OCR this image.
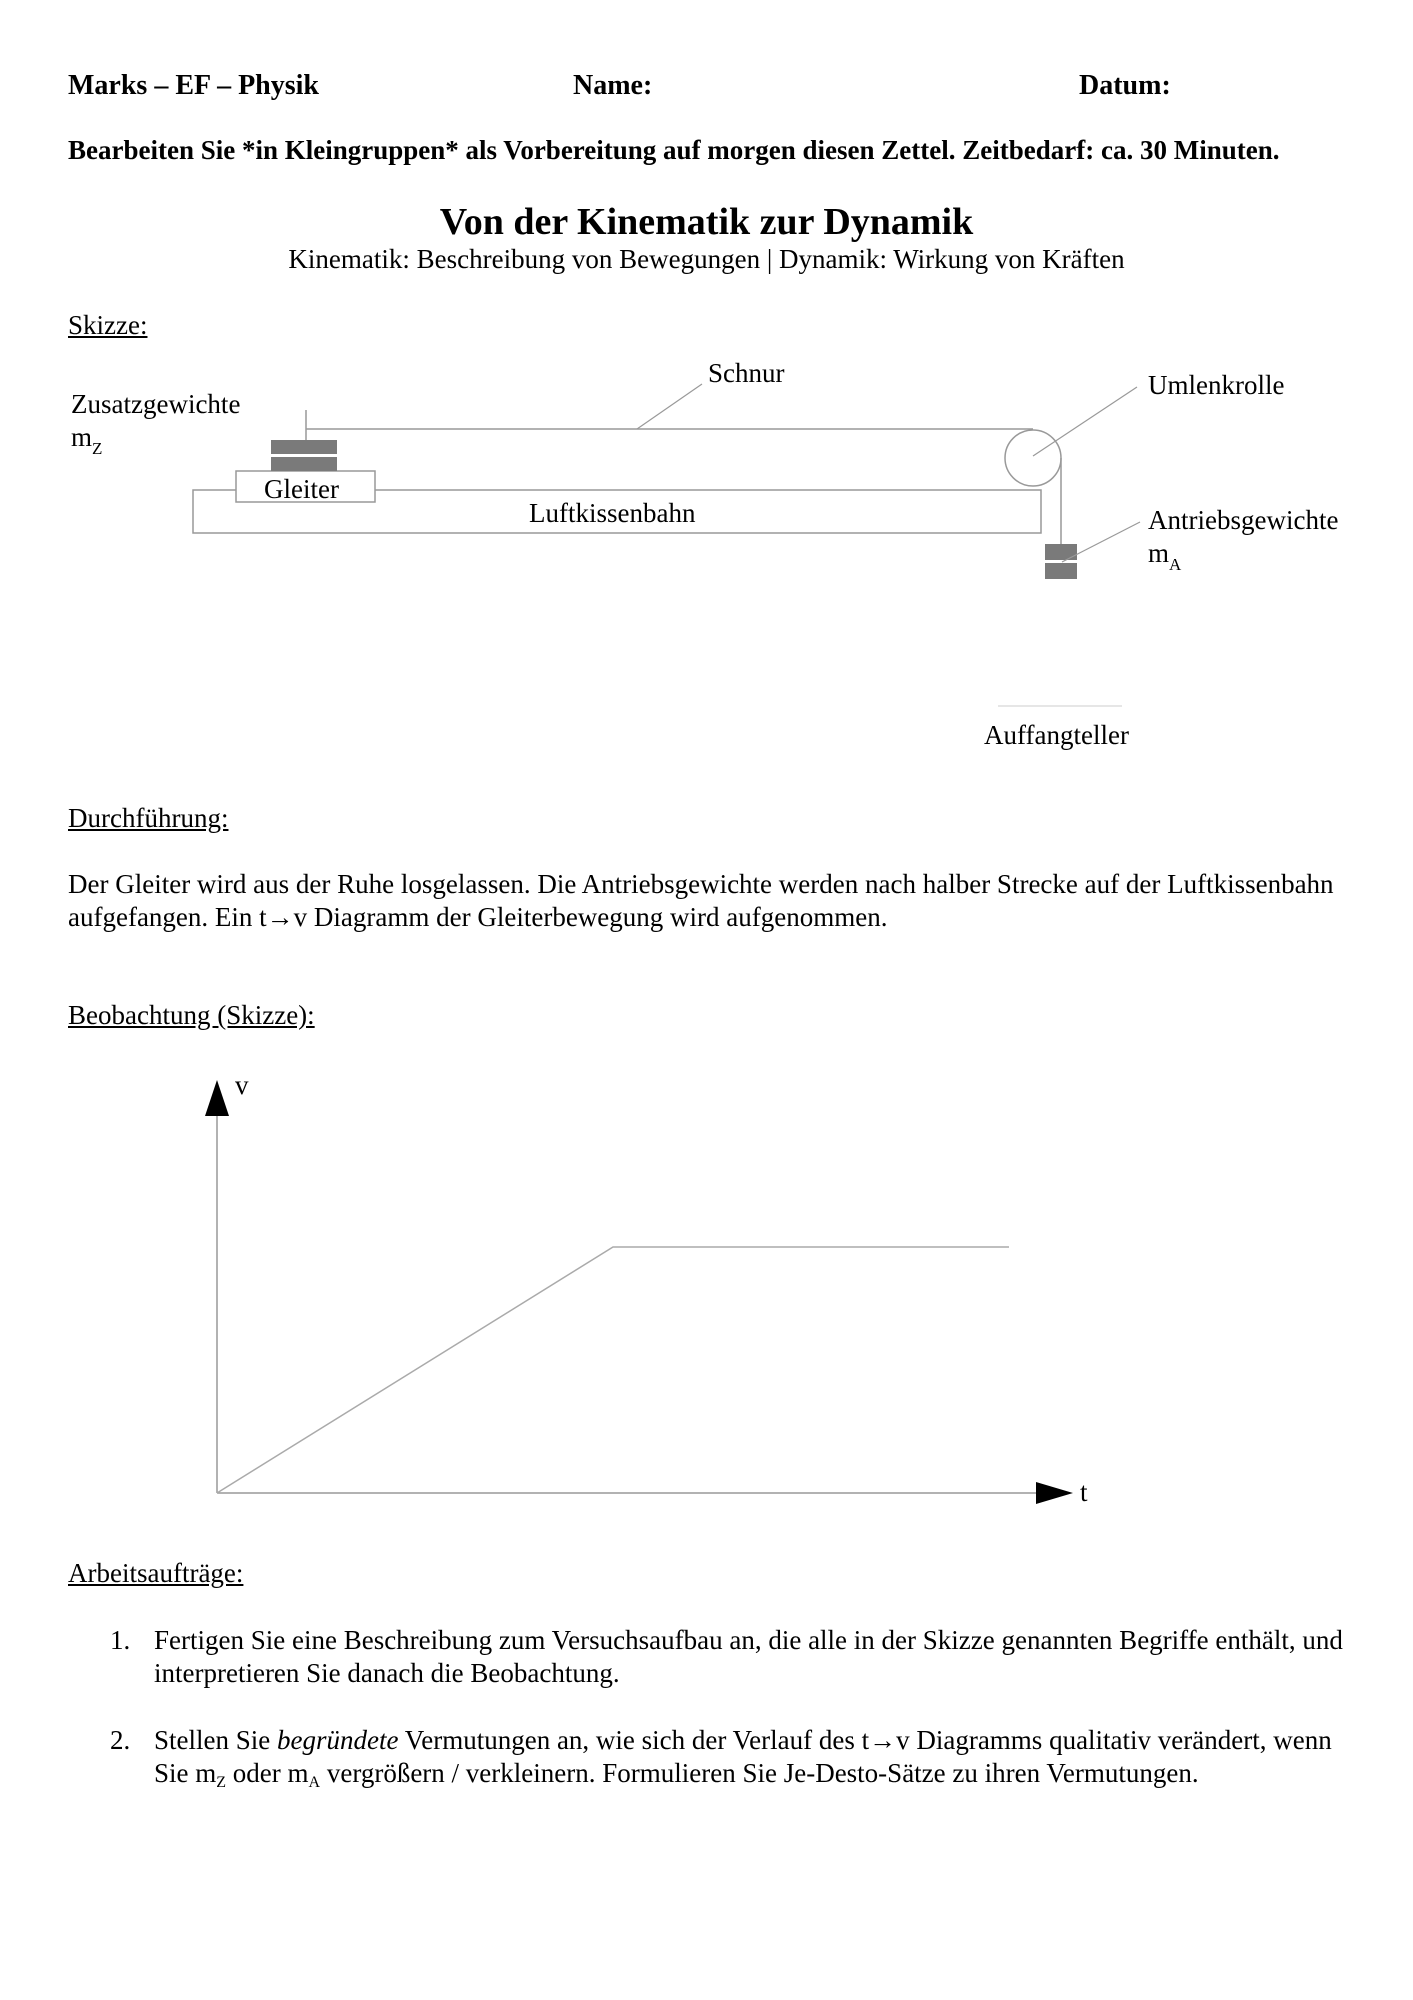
Marks – EF – Physik	Name:	Datum:
Bearbeiten Sie *in Kleingruppen* als Vorbereitung auf morgen diesen Zettel. Zeitbedarf: ca. 30 Minuten.
Von der Kinematik zur Dynamik
Kinematik: Beschreibung von Bewegungen | Dynamik: Wirkung von Kräften
Skizze:
Schnur	Umlenkrolle
Zusatzgewichte
$m_Z$
Gleiter
Luftkissenbahn	Antriebsgewichte
$m_A$
Auffangteller
Durchführung:
Der Gleiter wird aus der Ruhe losgelassen. Die Antriebsgewichte werden nach halber Strecke auf der Luftkissenbahn aufgefangen. Ein t→v Diagramm der Gleiterbewegung wird aufgenommen.
Beobachtung (Skizze):
v
t
Arbeitsaufträge:
1. Fertigen Sie eine Beschreibung zum Versuchsaufbau an, die alle in der Skizze genannten Begriffe enthält, und interpretieren Sie danach die Beobachtung.
2. Stellen Sie begründete Vermutungen an, wie sich der Verlauf des t→v Diagramms qualitativ verändert, wenn Sie mZ oder mA vergrößern / verkleinern. Formulieren Sie Je-Desto-Sätze zu ihren Vermutungen.
